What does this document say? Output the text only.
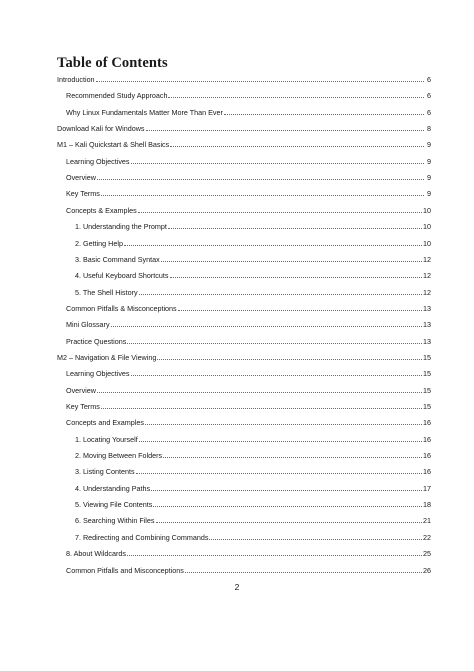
Table of Contents
Introduction	6
Recommended Study Approach	6
Why Linux Fundamentals Matter More Than Ever	6
Download Kali for Windows	8
M1 – Kali Quickstart & Shell Basics	9
Learning Objectives	9
Overview	9
Key Terms	9
Concepts & Examples	10
1. Understanding the Prompt	10
2. Getting Help	10
3. Basic Command Syntax	12
4. Useful Keyboard Shortcuts	12
5. The Shell History	12
Common Pitfalls & Misconceptions	13
Mini Glossary	13
Practice Questions	13
M2 – Navigation & File Viewing	15
Learning Objectives	15
Overview	15
Key Terms	15
Concepts and Examples	16
1. Locating Yourself	16
2. Moving Between Folders	16
3. Listing Contents	16
4. Understanding Paths	17
5. Viewing File Contents	18
6. Searching Within Files	21
7. Redirecting and Combining Commands	22
8. About Wildcards	25
Common Pitfalls and Misconceptions	26
2
